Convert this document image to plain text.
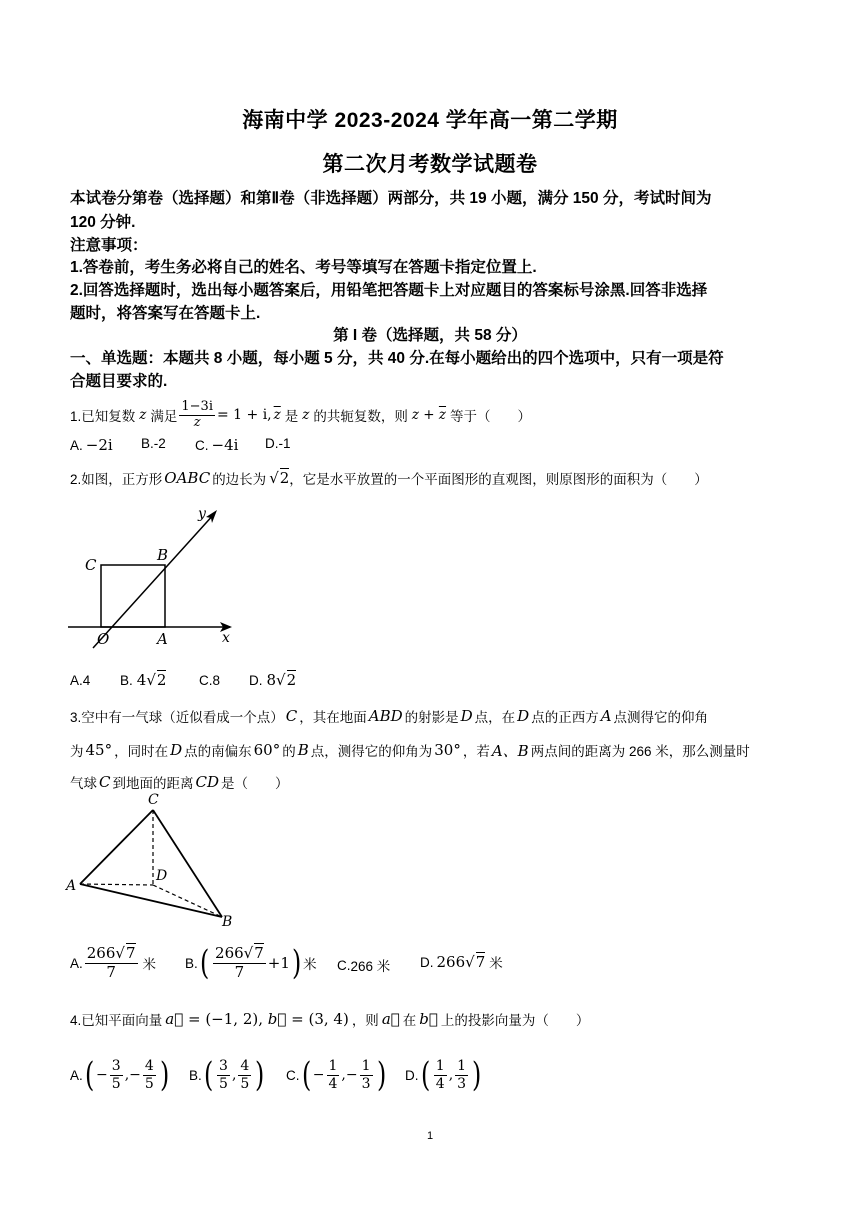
海南中学 2023-2024 学年高一第二学期
第二次月考数学试题卷
本试卷分第卷（选择题）和第Ⅱ卷（非选择题）两部分，共 19 小题，满分 150 分，考试时间为
120 分钟.
注意事项：
1.答卷前，考生务必将自己的姓名、考号等填写在答题卡指定位置上.
2.回答选择题时，选出每小题答案后，用铅笔把答题卡上对应题目的答案标号涂黑.回答非选择
题时，将答案写在答题卡上.
第 I 卷（选择题，共 58 分）
一、单选题：本题共 8 小题，每小题 5 分，共 40 分.在每小题给出的四个选项中，只有一项是符
合题目要求的.
1.已知复数 z 满足 $\frac{1-3i}{z} = 1 + i$, $\overline{z}$ 是 z 的共轭复数，则 $z + \overline{z}$ 等于（　　）
A. −2i B. -2 C. −4i D. -1
2.如图，正方形 OABC 的边长为 √2 ，它是水平放置的一个平面图形的直观图，则原图形的面积为（　　）
C
B
O	A	x
y
A. 4 B. 4√2 C. 8 D. 8√2
3.空中有一气球（近似看成一个点） C ，其在地面 ABD 的射影是 D 点，在 D 点的正西方 A 点测得它的仰角
为 45° ，同时在 D 点的南偏东 60° 的 B 点，测得它的仰角为 30° ，若 A、B 两点间的距离为 266 米，那么测量时
气球 C 到地面的距离 CD 是（　　）
C
A
D
B
A. $\frac{266√7}{7}$ 米 B. ( $\frac{266√7}{7} +1$ ) 米 C. 266 米 D. 266√7 米
4.已知平面向量 a⃗ = (−1, 2), b⃗ = (3, 4) ，则 a⃗ 在 b⃗ 上的投影向量为（　　）
A. ( − $\frac{3}{5}$ ,− $\frac{4}{5}$ ) B. ( $\frac{3}{5}$ , $\frac{4}{5}$ ) C. ( − $\frac{1}{4}$ ,− $\frac{1}{3}$ ) D. ( $\frac{1}{4}$ , $\frac{1}{3}$ )
1
